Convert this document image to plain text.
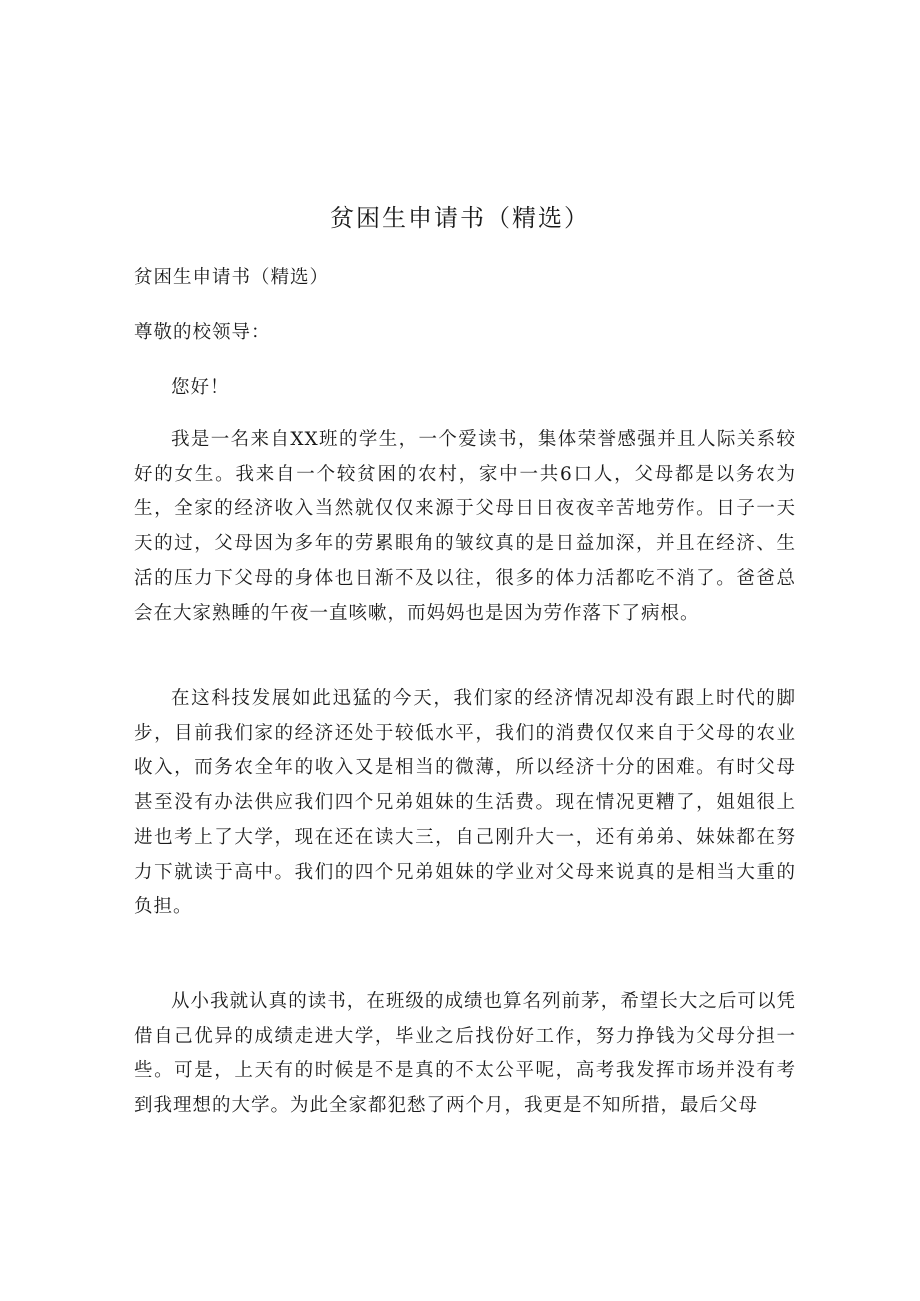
贫困生申请书（精选）

贫困生申请书（精选）

尊敬的校领导：

您好！

我是一名来自XX班的学生，一个爱读书，集体荣誉感强并且人际关系较好的女生。我来自一个较贫困的农村，家中一共6口人，父母都是以务农为生，全家的经济收入当然就仅仅来源于父母日日夜夜辛苦地劳作。日子一天天的过，父母因为多年的劳累眼角的皱纹真的是日益加深，并且在经济、生活的压力下父母的身体也日渐不及以往，很多的体力活都吃不消了。爸爸总会在大家熟睡的午夜一直咳嗽，而妈妈也是因为劳作落下了病根。

在这科技发展如此迅猛的今天，我们家的经济情况却没有跟上时代的脚步，目前我们家的经济还处于较低水平，我们的消费仅仅来自于父母的农业收入，而务农全年的收入又是相当的微薄，所以经济十分的困难。有时父母甚至没有办法供应我们四个兄弟姐妹的生活费。现在情况更糟了，姐姐很上进也考上了大学，现在还在读大三，自己刚升大一，还有弟弟、妹妹都在努力下就读于高中。我们的四个兄弟姐妹的学业对父母来说真的是相当大重的负担。

从小我就认真的读书，在班级的成绩也算名列前茅，希望长大之后可以凭借自己优异的成绩走进大学，毕业之后找份好工作，努力挣钱为父母分担一些。可是，上天有的时候是不是真的不太公平呢，高考我发挥市场并没有考到我理想的大学。为此全家都犯愁了两个月，我更是不知所措，最后父母
